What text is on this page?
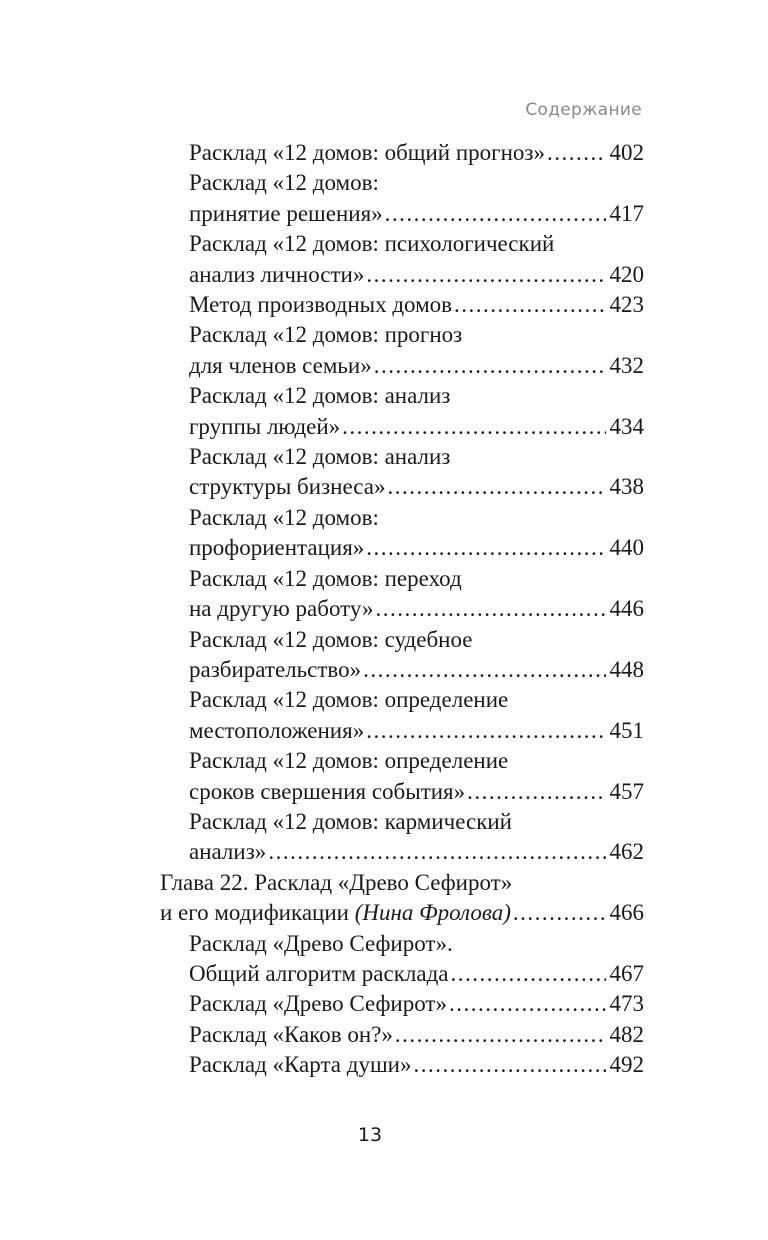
Содержание
Расклад «12 домов: общий прогноз» .....	402
Расклад «12 домов:
принятие решения» .....	417
Расклад «12 домов: психологический
анализ личности» .....	420
Метод производных домов .....	423
Расклад «12 домов: прогноз
для членов семьи» .....	432
Расклад «12 домов: анализ
группы людей» .....	434
Расклад «12 домов: анализ
структуры бизнеса» .....	438
Расклад «12 домов:
профориентация» .....	440
Расклад «12 домов: переход
на другую работу» .....	446
Расклад «12 домов: судебное
разбирательство» .....	448
Расклад «12 домов: определение
местоположения» .....	451
Расклад «12 домов: определение
сроков свершения события» .....	457
Расклад «12 домов: кармический
анализ» .....	462
Глава 22. Расклад «Древо Сефирот»
и его модификации (Нина Фролова) .....	466
Расклад «Древо Сефирот».
Общий алгоритм расклада .....	467
Расклад «Древо Сефирот» .....	473
Расклад «Каков он?» .....	482
Расклад «Карта души» .....	492
13
